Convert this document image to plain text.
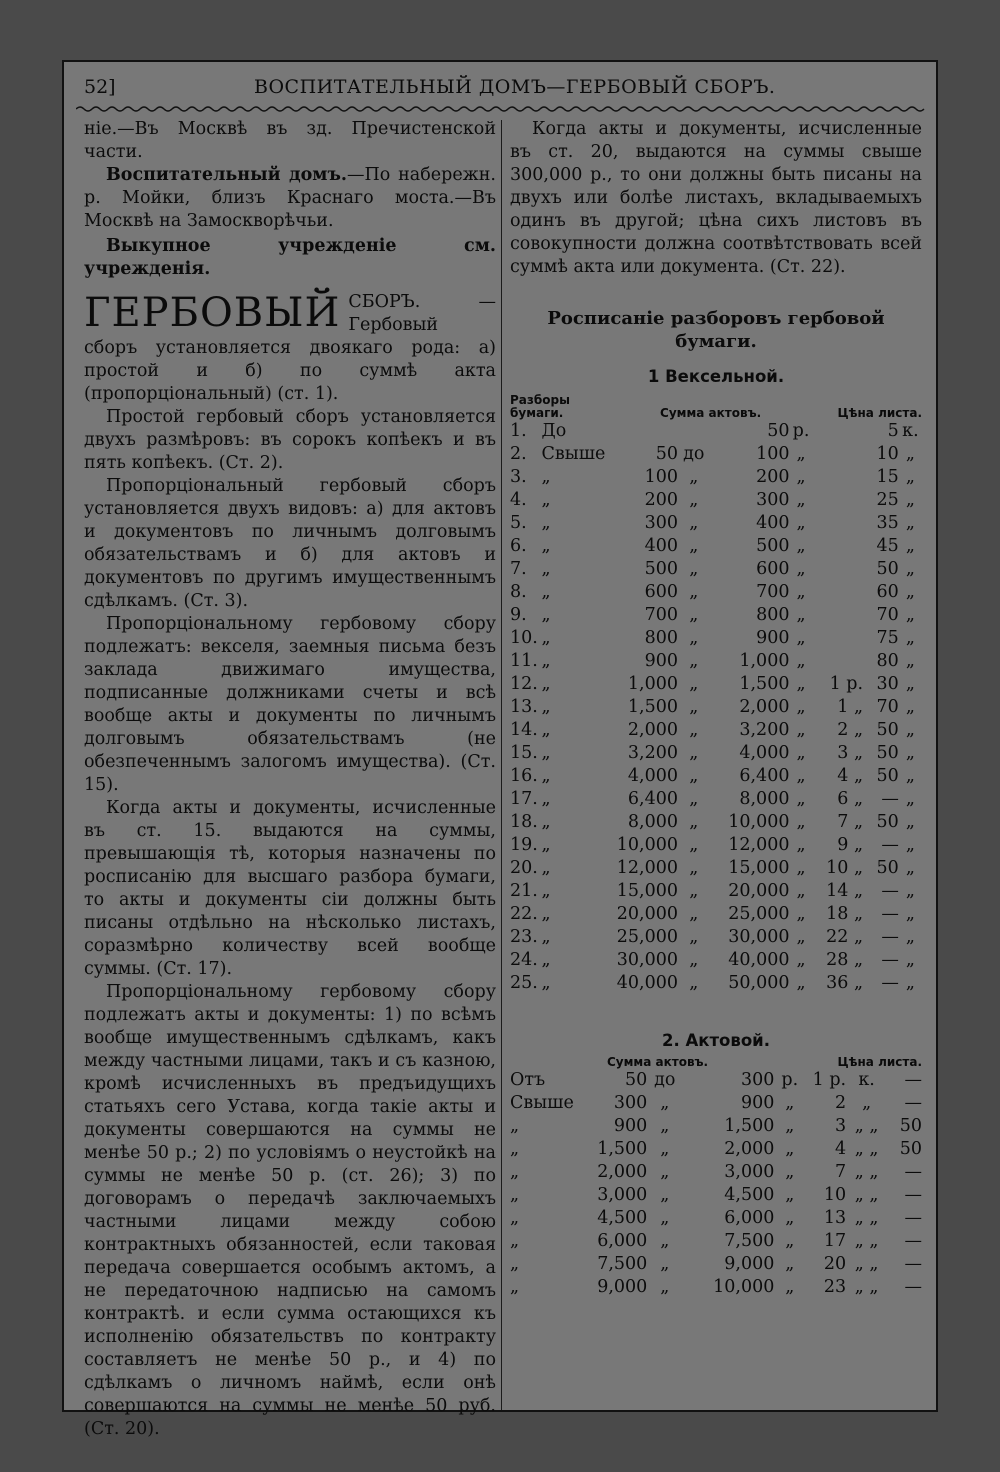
52]	ВОСПИТАТЕЛЬНЫЙ ДОМЪ—ГЕРБОВЫЙ СБОРЪ.

ніе.—Въ Москвѣ въ зд. Пречистенской части.

Воспитательный домъ.—По набережн. р. Мойки, близъ Краснаго моста.—Въ Москвѣ на Замоскворѣчьи.

Выкупное учрежденіе см. учрежденія.

ГЕРБОВЫЙ СБОРЪ. — Гербовый сборъ установляется двоякаго рода: а) простой и б) по суммѣ акта (пропорціональный) (ст. 1).

Простой гербовый сборъ установляется двухъ размѣровъ: въ сорокъ копѣекъ и въ пять копѣекъ. (Ст. 2).

Пропорціональный гербовый сборъ установляется двухъ видовъ: а) для актовъ и документовъ по личнымъ долговымъ обязательствамъ и б) для актовъ и документовъ по другимъ имущественнымъ сдѣлкамъ. (Ст. 3).

Пропорціональному гербовому сбору подлежатъ: векселя, заемныя письма безъ заклада движимаго имущества, подписанные должниками счеты и всѣ вообще акты и документы по личнымъ долговымъ обязательствамъ (не обезпеченнымъ залогомъ имущества). (Ст. 15).

Когда акты и документы, исчисленные въ ст. 15. выдаются на суммы, превышающія тѣ, которыя назначены по росписанію для высшаго разбора бумаги, то акты и документы сіи должны быть писаны отдѣльно на нѣсколько листахъ, соразмѣрно количеству всей вообще суммы. (Ст. 17).

Пропорціональному гербовому сбору подлежатъ акты и документы: 1) по всѣмъ вообще имущественнымъ сдѣлкамъ, какъ между частными лицами, такъ и съ казною, кромѣ исчисленныхъ въ предъидущихъ статьяхъ сего Устава, когда такіе акты и документы совершаются на суммы не менѣе 50 р.; 2) по условіямъ о неустойкѣ на суммы не менѣе 50 р. (ст. 26); 3) по договорамъ о передачѣ заключаемыхъ частными лицами между собою контрактныхъ обязанностей, если таковая передача совершается особымъ актомъ, а не передаточною надписью на самомъ контрактѣ. и если сумма остающихся къ исполненію обязательствъ по контракту составляетъ не менѣе 50 р., и 4) по сдѣлкамъ о личномъ наймѣ, если онѣ совершаются на суммы не менѣе 50 руб. (Ст. 20).

Когда акты и документы, исчисленные въ ст. 20, выдаются на суммы свыше 300,000 р., то они должны быть писаны на двухъ или болѣе листахъ, вкладываемыхъ одинъ въ другой; цѣна сихъ листовъ въ совокупности должна соотвѣтствовать всей суммѣ акта или документа. (Ст. 22).

Росписаніе разборовъ гербовой бумаги.
1 Вексельной.
Разборы бумаги.		Сумма актовъ.					Цѣна листа.		
1.	До				50	р.		5	к.
2.	Свыше	50	до		100	„		10	„
3.	„	100	„		200	„		15	„
4.	„	200	„		300	„		25	„
5.	„	300	„		400	„		35	„
6.	„	400	„		500	„		45	„
7.	„	500	„		600	„		50	„
8.	„	600	„		700	„		60	„
9.	„	700	„		800	„		70	„
10.	„	800	„		900	„		75	„
11.	„	900	„		1,000	„		80	„
12.	„	1,000	„		1,500	„	1 р.	30	„
13.	„	1,500	„		2,000	„	1 „	70	„
14.	„	2,000	„		3,200	„	2 „	50	„
15.	„	3,200	„		4,000	„	3 „	50	„
16.	„	4,000	„		6,400	„	4 „	50	„
17.	„	6,400	„		8,000	„	6 „	—	„
18.	„	8,000	„		10,000	„	7 „	50	„
19.	„	10,000	„		12,000	„	9 „	—	„
20.	„	12,000	„		15,000	„	10 „	50	„
21.	„	15,000	„		20,000	„	14 „	—	„
22.	„	20,000	„		25,000	„	18 „	—	„
23.	„	25,000	„		30,000	„	22 „	—	„
24.	„	30,000	„		40,000	„	28 „	—	„
25.	„	40,000	„		50,000	„	36 „	—	„
2. Актовой.
Сумма актовъ.					Цѣна листа.		
Отъ	50	до	300	р.	1 р.	к.	—
Свыше	300	„	900	„	2	„	—
„	900	„	1,500	„	3	„ „	50
„	1,500	„	2,000	„	4	„ „	50
„	2,000	„	3,000	„	7	„ „	—
„	3,000	„	4,500	„	10	„ „	—
„	4,500	„	6,000	„	13	„ „	—
„	6,000	„	7,500	„	17	„ „	—
„	7,500	„	9,000	„	20	„ „	—
„	9,000	„	10,000	„	23	„ „	—
